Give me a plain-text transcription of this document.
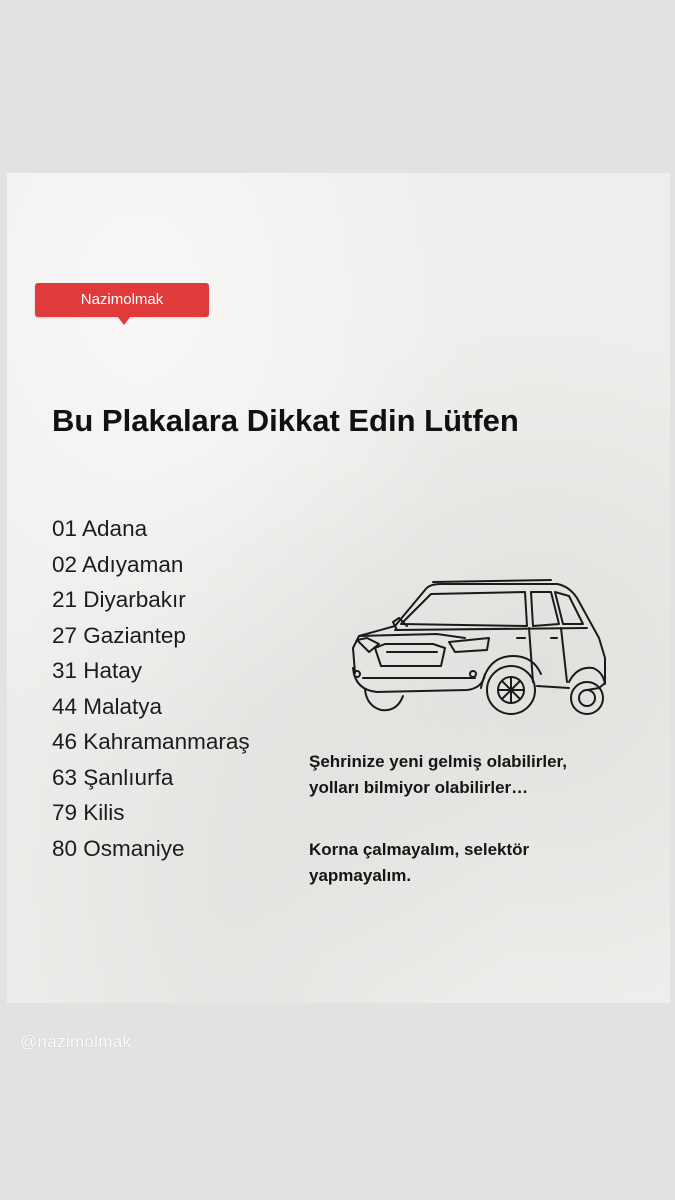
Nazimolmak
Bu Plakalara Dikkat Edin Lütfen
01 Adana
02 Adıyaman
21 Diyarbakır
27 Gaziantep
31 Hatay
44 Malatya
46 Kahramanmaraş
63 Şanlıurfa
79 Kilis
80 Osmaniye

Şehrinize yeni gelmiş olabilirler,
yolları bilmiyor olabilirler…

Korna çalmayalım, selektör
yapmayalım.

@nazimolmak
